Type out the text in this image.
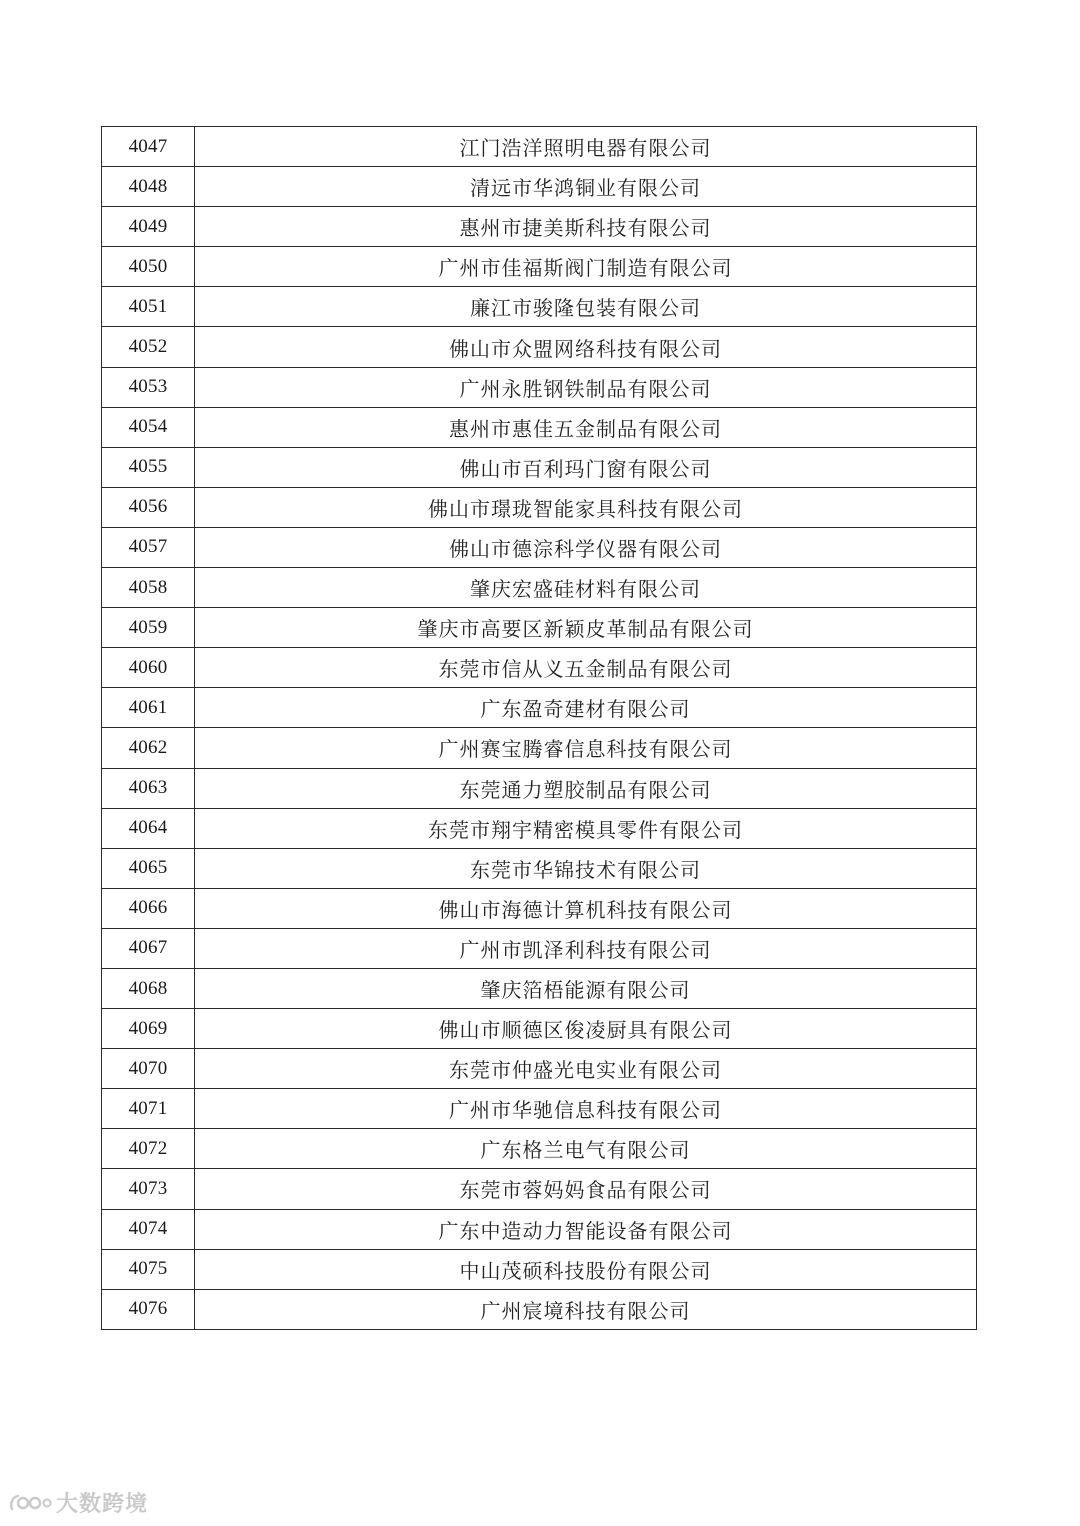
4047	江门浩洋照明电器有限公司
4048	清远市华鸿铜业有限公司
4049	惠州市捷美斯科技有限公司
4050	广州市佳福斯阀门制造有限公司
4051	廉江市骏隆包装有限公司
4052	佛山市众盟网络科技有限公司
4053	广州永胜钢铁制品有限公司
4054	惠州市惠佳五金制品有限公司
4055	佛山市百利玛门窗有限公司
4056	佛山市璟珑智能家具科技有限公司
4057	佛山市德淙科学仪器有限公司
4058	肇庆宏盛硅材料有限公司
4059	肇庆市高要区新颖皮革制品有限公司
4060	东莞市信从义五金制品有限公司
4061	广东盈奇建材有限公司
4062	广州赛宝腾睿信息科技有限公司
4063	东莞通力塑胶制品有限公司
4064	东莞市翔宇精密模具零件有限公司
4065	东莞市华锦技术有限公司
4066	佛山市海德计算机科技有限公司
4067	广州市凯泽利科技有限公司
4068	肇庆箔梧能源有限公司
4069	佛山市顺德区俊凌厨具有限公司
4070	东莞市仲盛光电实业有限公司
4071	广州市华驰信息科技有限公司
4072	广东格兰电气有限公司
4073	东莞市蓉妈妈食品有限公司
4074	广东中造动力智能设备有限公司
4075	中山茂硕科技股份有限公司
4076	广州宸境科技有限公司
大数跨境
